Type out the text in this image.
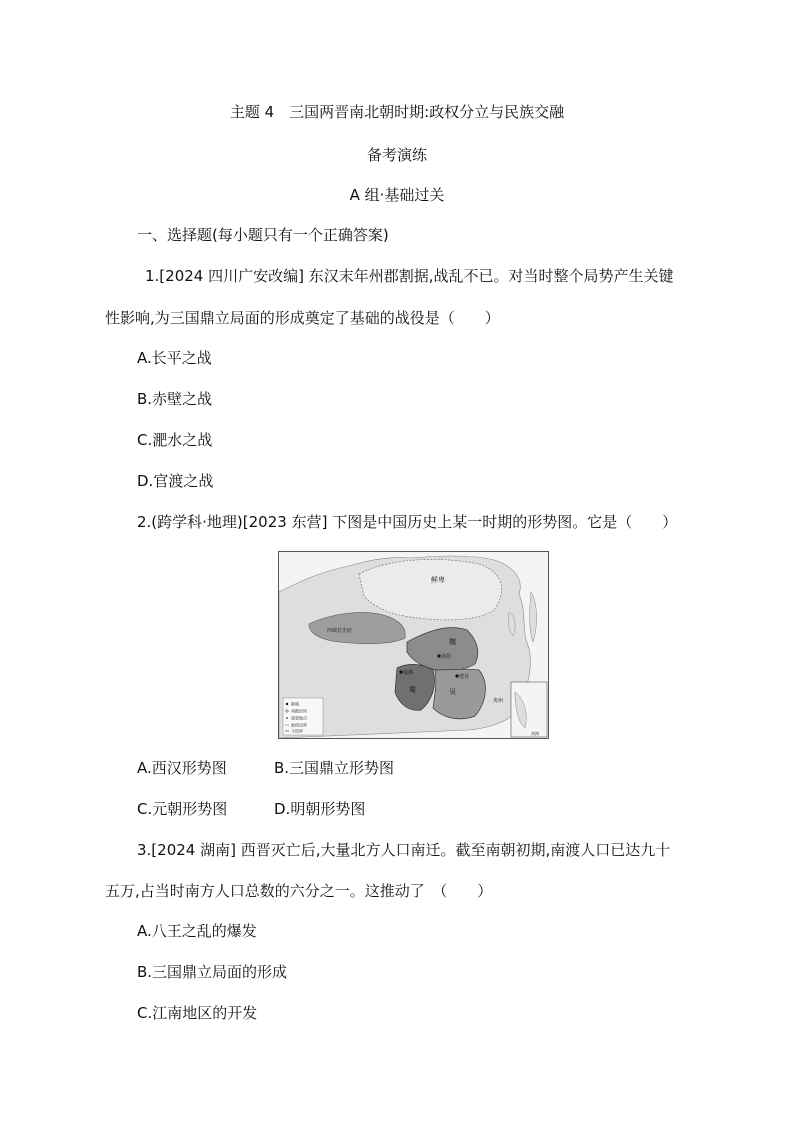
主题 4　三国两晋南北朝时期:政权分立与民族交融
备考演练
A 组·基础过关
一、选择题(每小题只有一个正确答案)
1.[2024 四川广安改编] 东汉末年州郡割据,战乱不已。对当时整个局势产生关键
性影响,为三国鼎立局面的形成奠定了基础的战役是（　　）
A.长平之战
B.赤壁之战
C.淝水之战
D.官渡之战
2.(跨学科·地理)[2023 东营] 下图是中国历史上某一时期的形势图。它是（　　）
鲜卑
西域长史府
魏
洛阳
成都
建业
蜀	吴
夷州
南海
都城
州郡治所
重要地点
政权边界
今国界
A.西汉形势图	B.三国鼎立形势图
C.元朝形势图	D.明朝形势图
3.[2024 湖南] 西晋灭亡后,大量北方人口南迁。截至南朝初期,南渡人口已达九十
五万,占当时南方人口总数的六分之一。这推动了　（　　）
A.八王之乱的爆发
B.三国鼎立局面的形成
C.江南地区的开发
